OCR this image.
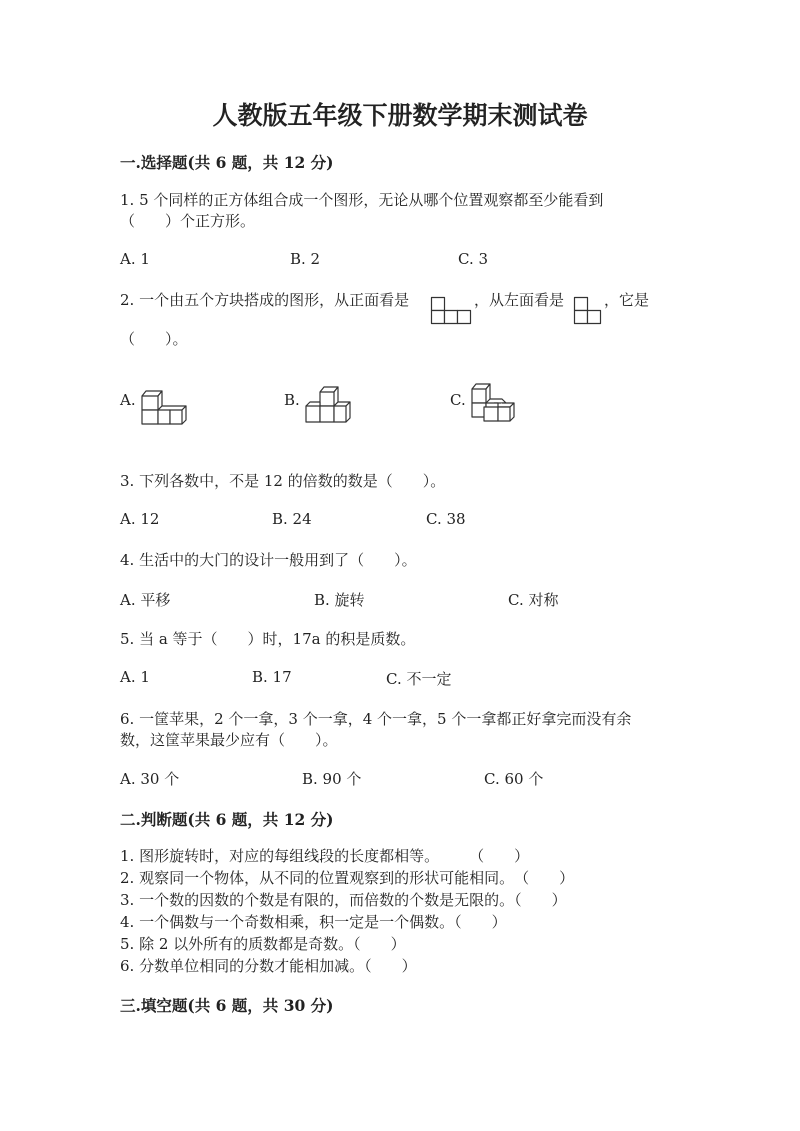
人教版五年级下册数学期末测试卷
一.选择题(共 6 题，共 12 分)
1. 5 个同样的正方体组合成一个图形，无论从哪个位置观察都至少能看到
（　　）个正方形。
A. 1	B. 2	C. 3
2. 一个由五个方块搭成的图形，从正面看是	，从左面看是	，它是
（　　）。
A.	B.	C.
3. 下列各数中，不是 12 的倍数的数是（　　）。
A. 12	B. 24	C. 38
4. 生活中的大门的设计一般用到了（　　）。
A. 平移	B. 旋转	C. 对称
5. 当 a 等于（　　）时，17a 的积是质数。
A. 1	B. 17	C. 不一定
6. 一筐苹果，2 个一拿，3 个一拿，4 个一拿，5 个一拿都正好拿完而没有余
数，这筐苹果最少应有（　　）。
A. 30 个	B. 90 个	C. 60 个
二.判断题(共 6 题，共 12 分)
1. 图形旋转时，对应的每组线段的长度都相等。　　　（　　）
2. 观察同一个物体，从不同的位置观察到的形状可能相同。　（　　）
3. 一个数的因数的个数是有限的，而倍数的个数是无限的。（　　）
4. 一个偶数与一个奇数相乘，积一定是一个偶数。（　　）
5. 除 2 以外所有的质数都是奇数。（　　）
6. 分数单位相同的分数才能相加减。（　　）
三.填空题(共 6 题，共 30 分)
